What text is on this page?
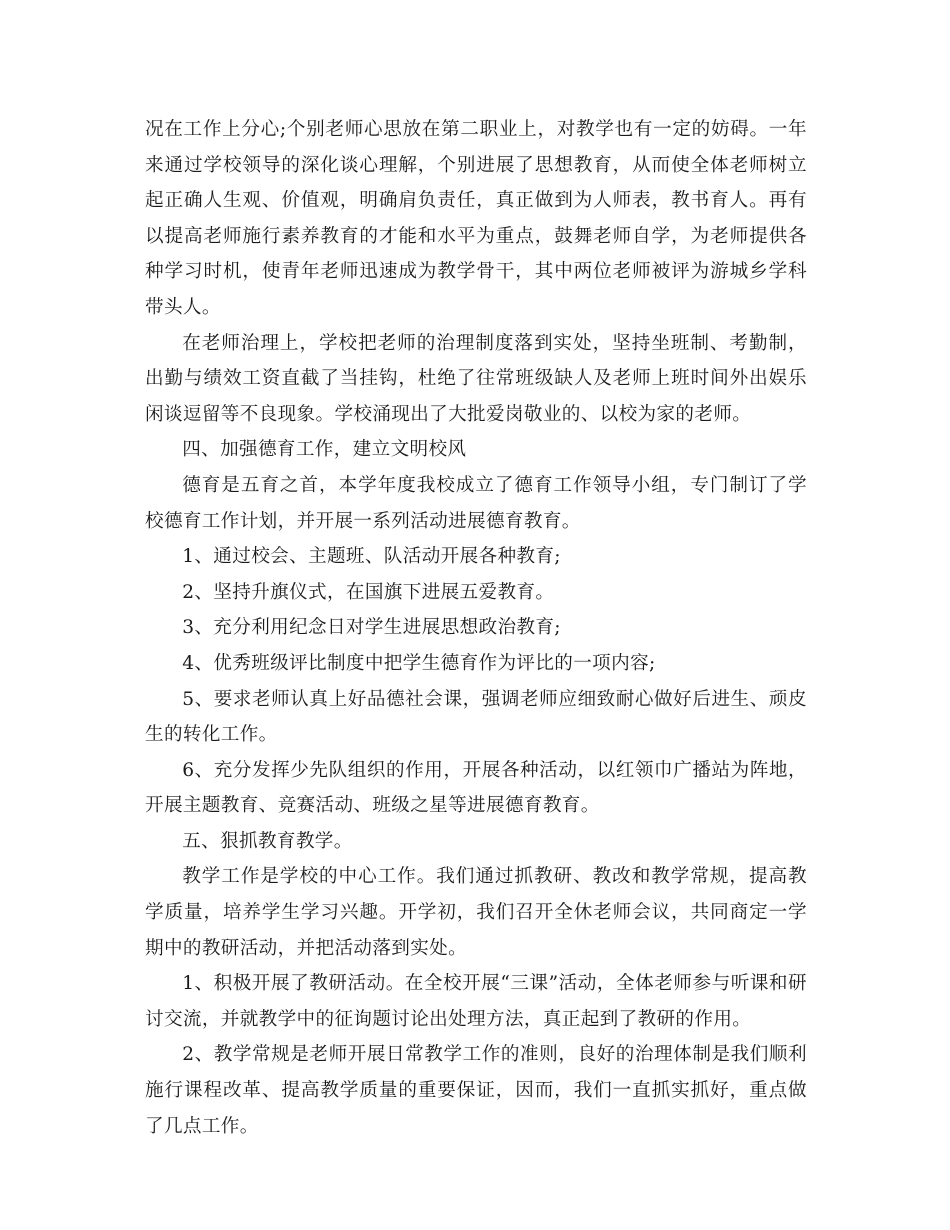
况在工作上分心;个别老师心思放在第二职业上，对教学也有一定的妨碍。一年来通过学校领导的深化谈心理解，个别进展了思想教育，从而使全体老师树立起正确人生观、价值观，明确肩负责任，真正做到为人师表，教书育人。再有以提高老师施行素养教育的才能和水平为重点，鼓舞老师自学，为老师提供各种学习时机，使青年老师迅速成为教学骨干，其中两位老师被评为游城乡学科带头人。

在老师治理上，学校把老师的治理制度落到实处，坚持坐班制、考勤制，出勤与绩效工资直截了当挂钩，杜绝了往常班级缺人及老师上班时间外出娱乐闲谈逗留等不良现象。学校涌现出了大批爱岗敬业的、以校为家的老师。

四、加强德育工作，建立文明校风

德育是五育之首，本学年度我校成立了德育工作领导小组，专门制订了学校德育工作计划，并开展一系列活动进展德育教育。

1、通过校会、主题班、队活动开展各种教育;

2、坚持升旗仪式，在国旗下进展五爱教育。

3、充分利用纪念日对学生进展思想政治教育;

4、优秀班级评比制度中把学生德育作为评比的一项内容;

5、要求老师认真上好品德社会课，强调老师应细致耐心做好后进生、顽皮生的转化工作。

6、充分发挥少先队组织的作用，开展各种活动，以红领巾广播站为阵地，开展主题教育、竞赛活动、班级之星等进展德育教育。

五、狠抓教育教学。

教学工作是学校的中心工作。我们通过抓教研、教改和教学常规，提高教学质量，培养学生学习兴趣。开学初，我们召开全休老师会议，共同商定一学期中的教研活动，并把活动落到实处。

1、积极开展了教研活动。在全校开展“三课”活动，全体老师参与听课和研讨交流，并就教学中的征询题讨论出处理方法，真正起到了教研的作用。

2、教学常规是老师开展日常教学工作的准则，良好的治理体制是我们顺利施行课程改革、提高教学质量的重要保证，因而，我们一直抓实抓好，重点做了几点工作。
